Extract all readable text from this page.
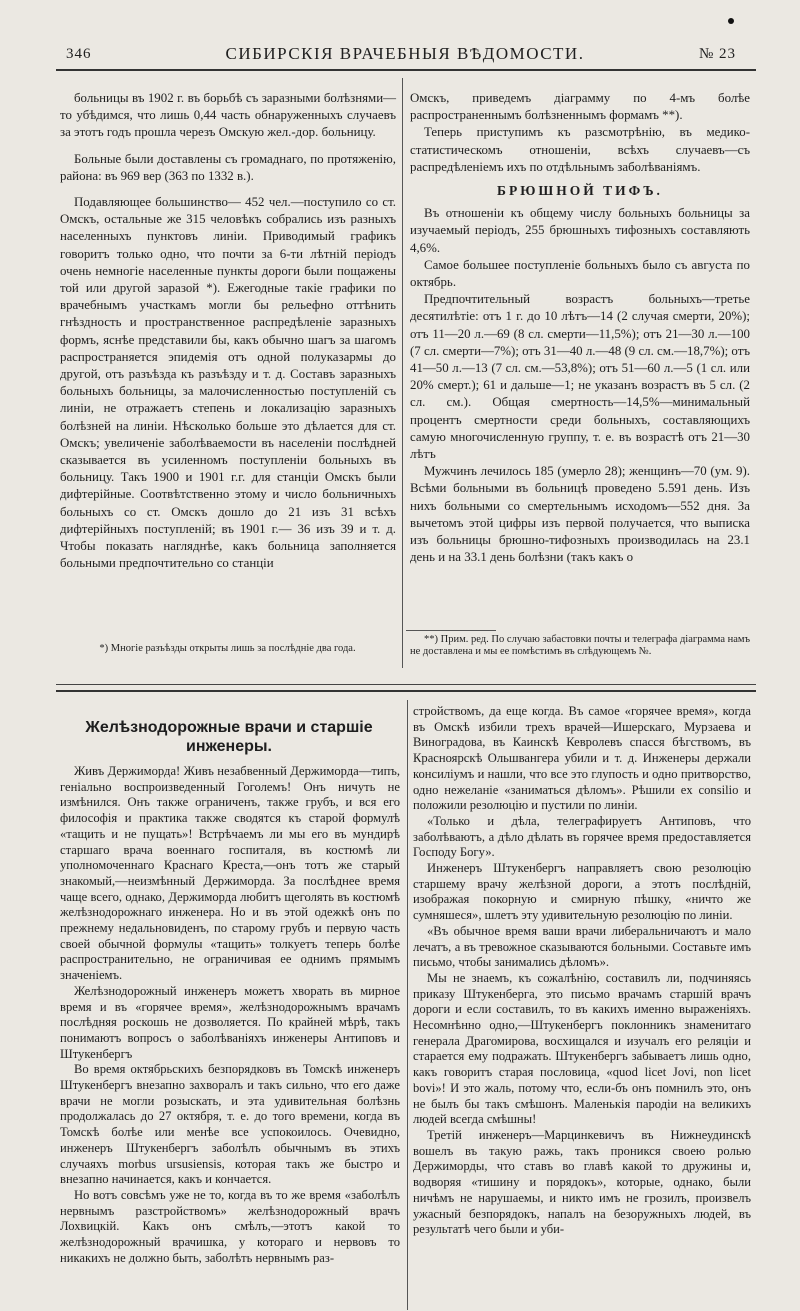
346	СИБИРСКІЯ ВРАЧЕБНЫЯ ВѢДОМОСТИ.	№ 23

больницы въ 1902 г. въ борьбѣ съ заразными болѣзнями—то убѣдимся, что лишь 0,44 часть обнаруженныхъ случаевъ за этотъ годъ прошла черезъ Омскую жел.-дор. больницу.

Больные были доставлены съ громаднаго, по протяженію, района: въ 969 вер (363 по 1332 в.).

Подавляющее большинство— 452 чел.—поступило со ст. Омскъ, остальные же 315 человѣкъ собрались изъ разныхъ населенныхъ пунктовъ линіи. Приводимый графикъ говоритъ только одно, что почти за 6-ти лѣтній періодъ очень немногіе населенные пункты дороги были пощажены той или другой заразой *). Ежегодные такіе графики по врачебнымъ участкамъ могли бы рельефно оттѣнить гнѣздность и пространственное распредѣленіе заразныхъ формъ, яснѣе представили бы, какъ обычно шагъ за шагомъ распространяется эпидемія отъ одной полуказармы до другой, отъ разъѣзда къ разъѣзду и т. д. Составъ заразныхъ больныхъ больницы, за малочисленностью поступленій съ линіи, не отражаетъ степень и локализацію заразныхъ болѣзней на линіи. Нѣсколько больше это дѣлается для ст. Омскъ; увеличеніе заболѣваемости въ населеніи послѣдней сказывается въ усиленномъ поступленіи больныхъ въ больницу. Такъ 1900 и 1901 г.г. для станціи Омскъ были дифтерійные. Соотвѣтственно этому и число больничныхъ больныхъ со ст. Омскъ дошло до 21 изъ 31 всѣхъ дифтерійныхъ поступленій; въ 1901 г.— 36 изъ 39 и т. д. Чтобы показать нагляднѣе, какъ больница заполняется больными предпочтительно со станціи

*) Многіе разъѣзды открыты лишь за послѣдніе два года.

Омскъ, приведемъ діаграмму по 4-мъ болѣе распространеннымъ болѣзненнымъ формамъ **).

Теперь приступимъ къ разсмотрѣнію, въ медико-статистическомъ отношеніи, всѣхъ случаевъ—съ распредѣленіемъ ихъ по отдѣльнымъ заболѣваніямъ.

БРЮШНОЙ ТИФЪ.

Въ отношеніи къ общему числу больныхъ больницы за изучаемый періодъ, 255 брюшныхъ тифозныхъ составляють 4,6%.

Самое большее поступленіе больныхъ было съ августа по октябрь.

Предпочтительный возрастъ больныхъ—третье десятилѣтіе: отъ 1 г. до 10 лѣтъ—14 (2 случая смерти, 20%); отъ 11—20 л.—69 (8 сл. смерти—11,5%); отъ 21—30 л.—100 (7 сл. смерти—7%); отъ 31—40 л.—48 (9 сл. см.—18,7%); отъ 41—50 л.—13 (7 сл. см.—53,8%); отъ 51—60 л.—5 (1 сл. или 20% смерт.); 61 и дальше—1; не указанъ возрастъ въ 5 сл. (2 сл. см.). Общая смертность—14,5%—минимальный процентъ смертности среди больныхъ, составляющихъ самую многочисленную группу, т. е. въ возрастѣ отъ 21—30 лѣтъ

Мужчинъ лечилось 185 (умерло 28); женщинъ—70 (ум. 9). Всѣми больными въ больницѣ проведено 5.591 день. Изъ нихъ больными со смертельнымъ исходомъ—552 дня. За вычетомъ этой цифры изъ первой получается, что выписка изъ больницы брюшно-тифозныхъ производилась на 23.1 день и на 33.1 день болѣзни (такъ какъ о

**) Прим. ред. По случаю забастовки почты и телеграфа діаграмма намъ не доставлена и мы ее помѣстимъ въ слѣдующемъ №.
Желѣзнодорожные врачи и старшіе инженеры.

Живъ Держиморда! Живъ незабвенный Держиморда—типъ, геніально воспроизведенный Гоголемъ! Онъ ничуть не измѣнился. Онъ также ограниченъ, также грубъ, и вся его философія и практика также сводятся къ старой формулѣ «тащить и не пущать»! Встрѣчаемъ ли мы его въ мундирѣ старшаго врача военнаго госпиталя, въ костюмѣ ли уполномоченнаго Краснаго Креста,—онъ тотъ же старый знакомый,—неизмѣнный Держиморда. За послѣднее время чаще всего, однако, Держиморда любитъ щеголять въ костюмѣ желѣзнодорожнаго инженера. Но и въ этой одежкѣ онъ по прежнему недальновиденъ, по старому грубъ и первую часть своей обычной формулы «тащить» толкуетъ теперь болѣе распространительно, не ограничивая ее однимъ прямымъ значеніемъ.

Желѣзнодорожный инженеръ можетъ хворать въ мирное время и въ «горячее время», желѣзнодорожнымъ врачамъ послѣдняя роскошь не дозволяется. По крайней мѣрѣ, такъ понимаютъ вопросъ о заболѣваніяхъ инженеры Антиповъ и Штукенбергъ

Во время октябрьскихъ безпорядковъ въ Томскѣ инженеръ Штукенбергъ внезапно захворалъ и такъ сильно, что его даже врачи не могли розыскать, и эта удивительная болѣзнь продолжалась до 27 октября, т. е. до того времени, когда въ Томскѣ болѣе или менѣе все успокоилось. Очевидно, инженеръ Штукенбергъ заболѣлъ обычнымъ въ этихъ случаяхъ morbus ursusiensis, которая такъ же быстро и внезапно начинается, какъ и кончается.

Но вотъ совсѣмъ уже не то, когда въ то же время «заболѣлъ нервнымъ разстройствомъ» желѣзнодорожный врачъ Лохвицкій. Какъ онъ смѣлъ,—этотъ какой то желѣзнодорожный врачишка, у котораго и нервовъ то никакихъ не должно быть, заболѣть нервнымъ раз-

стройствомъ, да еще когда. Въ самое «горячее время», когда въ Омскѣ избили трехъ врачей—Ишерскаго, Мурзаева и Виноградова, въ Каинскѣ Кевролевъ спасся бѣгствомъ, въ Красноярскѣ Ольшвангера убили и т. д. Инженеры держали консиліумъ и нашли, что все это глупость и одно притворство, одно нежеланіе «заниматься дѣломъ». Рѣшили ex consilio и положили резолюцію и пустили по линіи.

«Только и дѣла, телеграфируетъ Антиповъ, что заболѣваютъ, а дѣло дѣлать въ горячее время предоставляется Господу Богу».

Инженеръ Штукенбергъ направляетъ свою резолюцію старшему врачу желѣзной дороги, а этотъ послѣдній, изображая покорную и смирную пѣшку, «ничто же сумняшеся», шлетъ эту удивительную резолюцію по линіи.

«Въ обычное время ваши врачи либеральничаютъ и мало лечатъ, а въ тревожное сказываются больными. Составьте имъ письмо, чтобы занимались дѣломъ».

Мы не знаемъ, къ сожалѣнію, составилъ ли, подчиняясь приказу Штукенберга, это письмо врачамъ старшій врачъ дороги и если составилъ, то въ какихъ именно выраженіяхъ. Несомнѣнно одно,—Штукенбергъ поклонникъ знаменитаго генерала Драгомирова, восхищался и изучалъ его реляціи и старается ему подражать. Штукенбергъ забываетъ лишь одно, какъ говоритъ старая пословица, «quod licet Jovi, non licet bovi»! И это жаль, потому что, если-бъ онъ помнилъ это, онъ не былъ бы такъ смѣшонъ. Маленькія пародіи на великихъ людей всегда смѣшны!

Третій инженеръ—Марцинкевичъ въ Нижнеудинскѣ вошелъ въ такую ражь, такъ проникся своею ролью Держиморды, что ставъ во главѣ какой то дружины и, водворяя «тишину и порядокъ», которые, однако, были ничѣмъ не нарушаемы, и никто имъ не грозилъ, произвелъ ужасный безпорядокъ, напалъ на безоружныхъ людей, въ результатѣ чего были и уби-
